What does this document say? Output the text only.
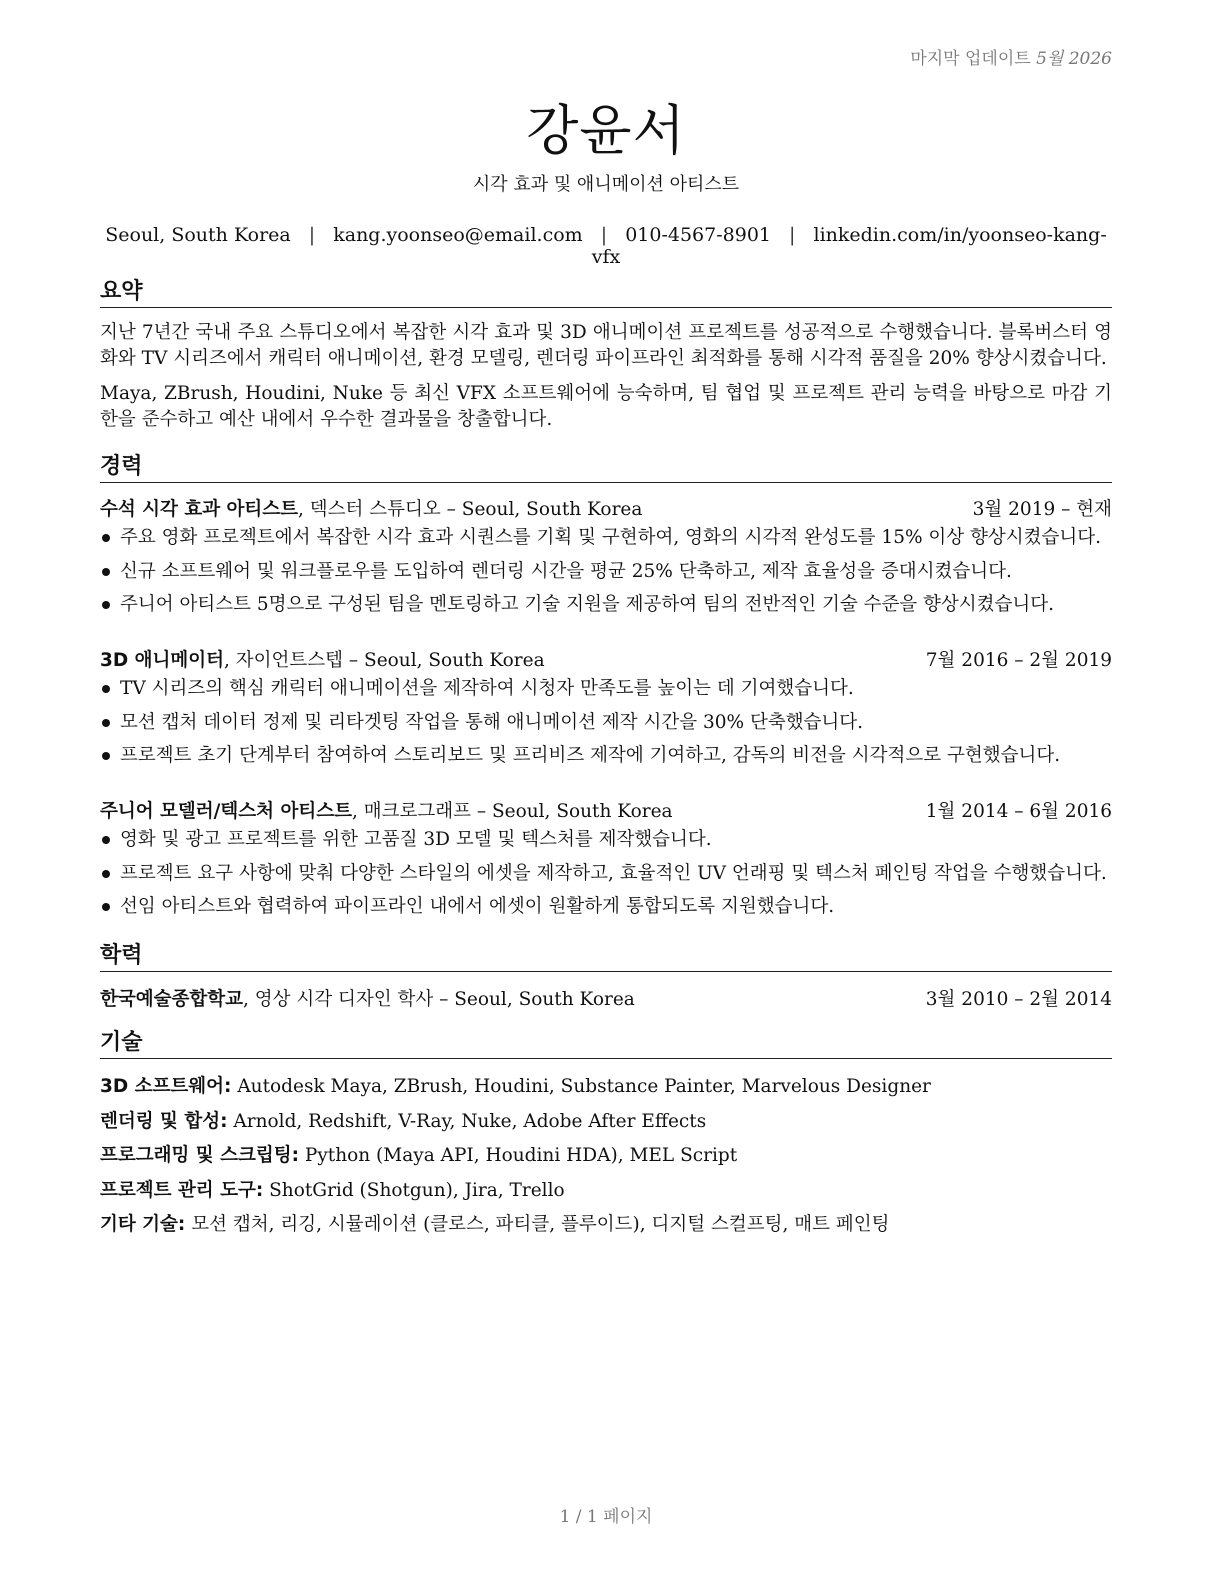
마지막 업데이트 5월 2026
강윤서
시각 효과 및 애니메이션 아티스트
Seoul, South Korea | kang.yoonseo@email.com | 010-4567-8901 | linkedin.com/in/yoonseo-kang-vfx
요약

지난 7년간 국내 주요 스튜디오에서 복잡한 시각 효과 및 3D 애니메이션 프로젝트를 성공적으로 수행했습니다. 블록버스터 영화와 TV 시리즈에서 캐릭터 애니메이션, 환경 모델링, 렌더링 파이프라인 최적화를 통해 시각적 품질을 20% 향상시켰습니다.

Maya, ZBrush, Houdini, Nuke 등 최신 VFX 소프트웨어에 능숙하며, 팀 협업 및 프로젝트 관리 능력을 바탕으로 마감 기한을 준수하고 예산 내에서 우수한 결과물을 창출합니다.

경력
수석 시각 효과 아티스트, 덱스터 스튜디오 – Seoul, South Korea	3월 2019 – 현재
주요 영화 프로젝트에서 복잡한 시각 효과 시퀀스를 기획 및 구현하여, 영화의 시각적 완성도를 15% 이상 향상시켰습니다.
신규 소프트웨어 및 워크플로우를 도입하여 렌더링 시간을 평균 25% 단축하고, 제작 효율성을 증대시켰습니다.
주니어 아티스트 5명으로 구성된 팀을 멘토링하고 기술 지원을 제공하여 팀의 전반적인 기술 수준을 향상시켰습니다.
3D 애니메이터, 자이언트스텝 – Seoul, South Korea	7월 2016 – 2월 2019
TV 시리즈의 핵심 캐릭터 애니메이션을 제작하여 시청자 만족도를 높이는 데 기여했습니다.
모션 캡처 데이터 정제 및 리타겟팅 작업을 통해 애니메이션 제작 시간을 30% 단축했습니다.
프로젝트 초기 단계부터 참여하여 스토리보드 및 프리비즈 제작에 기여하고, 감독의 비전을 시각적으로 구현했습니다.
주니어 모델러/텍스처 아티스트, 매크로그래프 – Seoul, South Korea	1월 2014 – 6월 2016
영화 및 광고 프로젝트를 위한 고품질 3D 모델 및 텍스처를 제작했습니다.
프로젝트 요구 사항에 맞춰 다양한 스타일의 에셋을 제작하고, 효율적인 UV 언래핑 및 텍스처 페인팅 작업을 수행했습니다.
선임 아티스트와 협력하여 파이프라인 내에서 에셋이 원활하게 통합되도록 지원했습니다.
학력
한국예술종합학교, 영상 시각 디자인 학사 – Seoul, South Korea	3월 2010 – 2월 2014
기술
3D 소프트웨어: Autodesk Maya, ZBrush, Houdini, Substance Painter, Marvelous Designer
렌더링 및 합성: Arnold, Redshift, V-Ray, Nuke, Adobe After Effects
프로그래밍 및 스크립팅: Python (Maya API, Houdini HDA), MEL Script
프로젝트 관리 도구: ShotGrid (Shotgun), Jira, Trello
기타 기술: 모션 캡처, 리깅, 시뮬레이션 (클로스, 파티클, 플루이드), 디지털 스컬프팅, 매트 페인팅
1 / 1 페이지
